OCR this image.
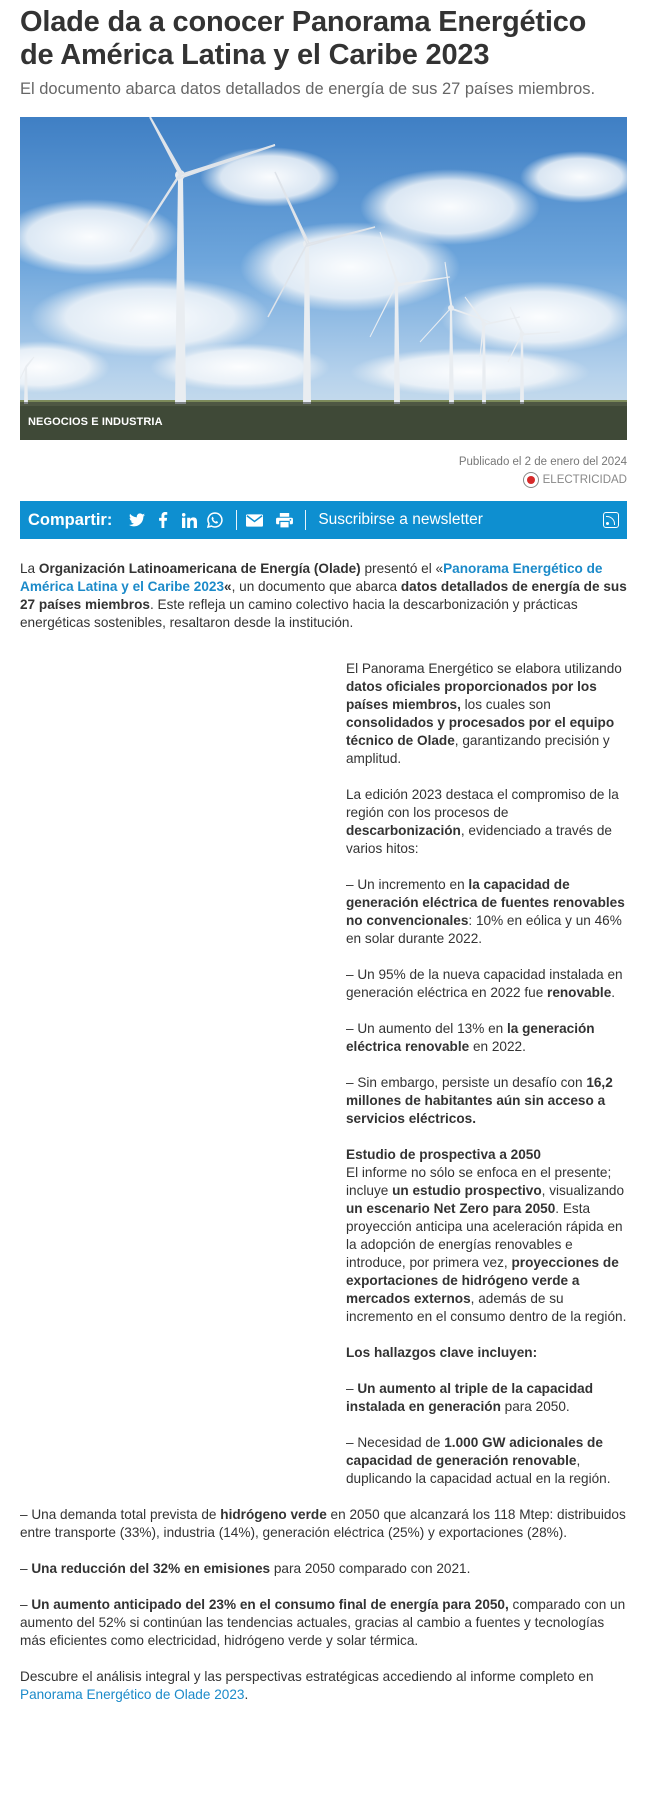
Olade da a conocer Panorama Energético de América Latina y el Caribe 2023
El documento abarca datos detallados de energía de sus 27 países miembros.
NEGOCIOS E INDUSTRIA
Publicado el 2 de enero del 2024
ELECTRICIDAD
Compartir:	Suscribirse a newsletter

La Organización Latinoamericana de Energía (Olade) presentó el «Panorama Energético de América Latina y el Caribe 2023«, un documento que abarca datos detallados de energía de sus 27 países miembros. Este refleja un camino colectivo hacia la descarbonización y prácticas energéticas sostenibles, resaltaron desde la institución.

El Panorama Energético se elabora utilizando datos oficiales proporcionados por los países miembros, los cuales son consolidados y procesados por el equipo técnico de Olade, garantizando precisión y amplitud.

La edición 2023 destaca el compromiso de la región con los procesos de descarbonización, evidenciado a través de varios hitos:

– Un incremento en la capacidad de generación eléctrica de fuentes renovables no convencionales: 10% en eólica y un 46% en solar durante 2022.

– Un 95% de la nueva capacidad instalada en generación eléctrica en 2022 fue renovable.

– Un aumento del 13% en la generación eléctrica renovable en 2022.

– Sin embargo, persiste un desafío con 16,2 millones de habitantes aún sin acceso a servicios eléctricos.

Estudio de prospectiva a 2050
El informe no sólo se enfoca en el presente; incluye un estudio prospectivo, visualizando un escenario Net Zero para 2050. Esta proyección anticipa una aceleración rápida en la adopción de energías renovables e introduce, por primera vez, proyecciones de exportaciones de hidrógeno verde a mercados externos, además de su incremento en el consumo dentro de la región.

Los hallazgos clave incluyen:

– Un aumento al triple de la capacidad instalada en generación para 2050.

– Necesidad de 1.000 GW adicionales de capacidad de generación renovable, duplicando la capacidad actual en la región.

– Una demanda total prevista de hidrógeno verde en 2050 que alcanzará los 118 Mtep: distribuidos entre transporte (33%), industria (14%), generación eléctrica (25%) y exportaciones (28%).

– Una reducción del 32% en emisiones para 2050 comparado con 2021.

– Un aumento anticipado del 23% en el consumo final de energía para 2050, comparado con un aumento del 52% si continúan las tendencias actuales, gracias al cambio a fuentes y tecnologías más eficientes como electricidad, hidrógeno verde y solar térmica.

Descubre el análisis integral y las perspectivas estratégicas accediendo al informe completo en Panorama Energético de Olade 2023.
